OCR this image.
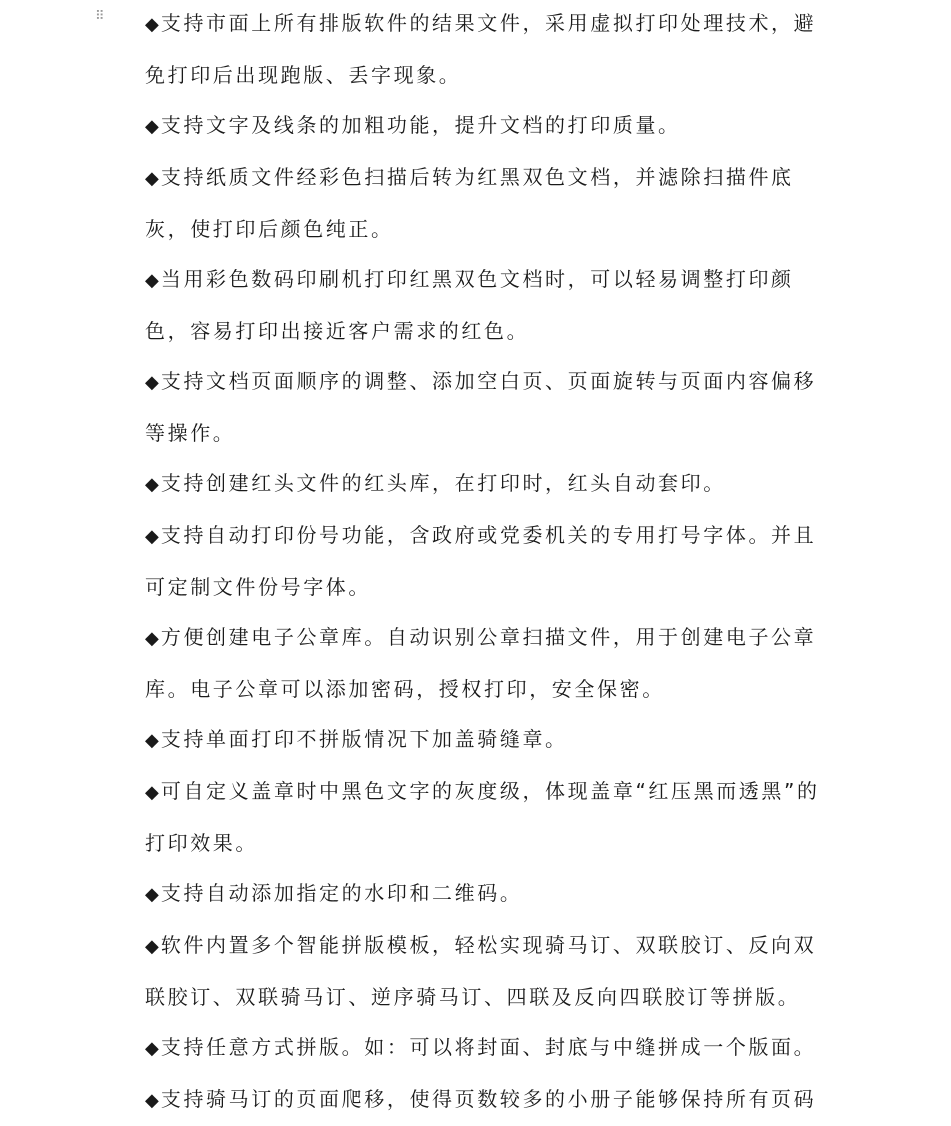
⠿ ◆ 支持市面上所有排版软件的结果文件，采用虚拟打印处理技术，避免打印后出现跑版、丢字现象。

◆ 支持文字及线条的加粗功能，提升文档的打印质量。

◆ 支持纸质文件经彩色扫描后转为红黑双色文档，并滤除扫描件底灰，使打印后颜色纯正。

◆ 当用彩色数码印刷机打印红黑双色文档时，可以轻易调整打印颜色，容易打印出接近客户需求的红色。

◆ 支持文档页面顺序的调整、添加空白页、页面旋转与页面内容偏移等操作。

◆ 支持创建红头文件的红头库，在打印时，红头自动套印。

◆ 支持自动打印份号功能，含政府或党委机关的专用打号字体。并且可定制文件份号字体。

◆ 方便创建电子公章库。自动识别公章扫描文件，用于创建电子公章库。电子公章可以添加密码，授权打印，安全保密。

◆ 支持单面打印不拼版情况下加盖骑缝章。

◆ 可自定义盖章时中黑色文字的灰度级，体现盖章“红压黑而透黑”的打印效果。

◆ 支持自动添加指定的水印和二维码。

◆ 软件内置多个智能拼版模板，轻松实现骑马订、双联胶订、反向双联胶订、双联骑马订、逆序骑马订、四联及反向四联胶订等拼版。

◆ 支持任意方式拼版。如：可以将封面、封底与中缝拼成一个版面。

◆ 支持骑马订的页面爬移，使得页数较多的小册子能够保持所有页码
